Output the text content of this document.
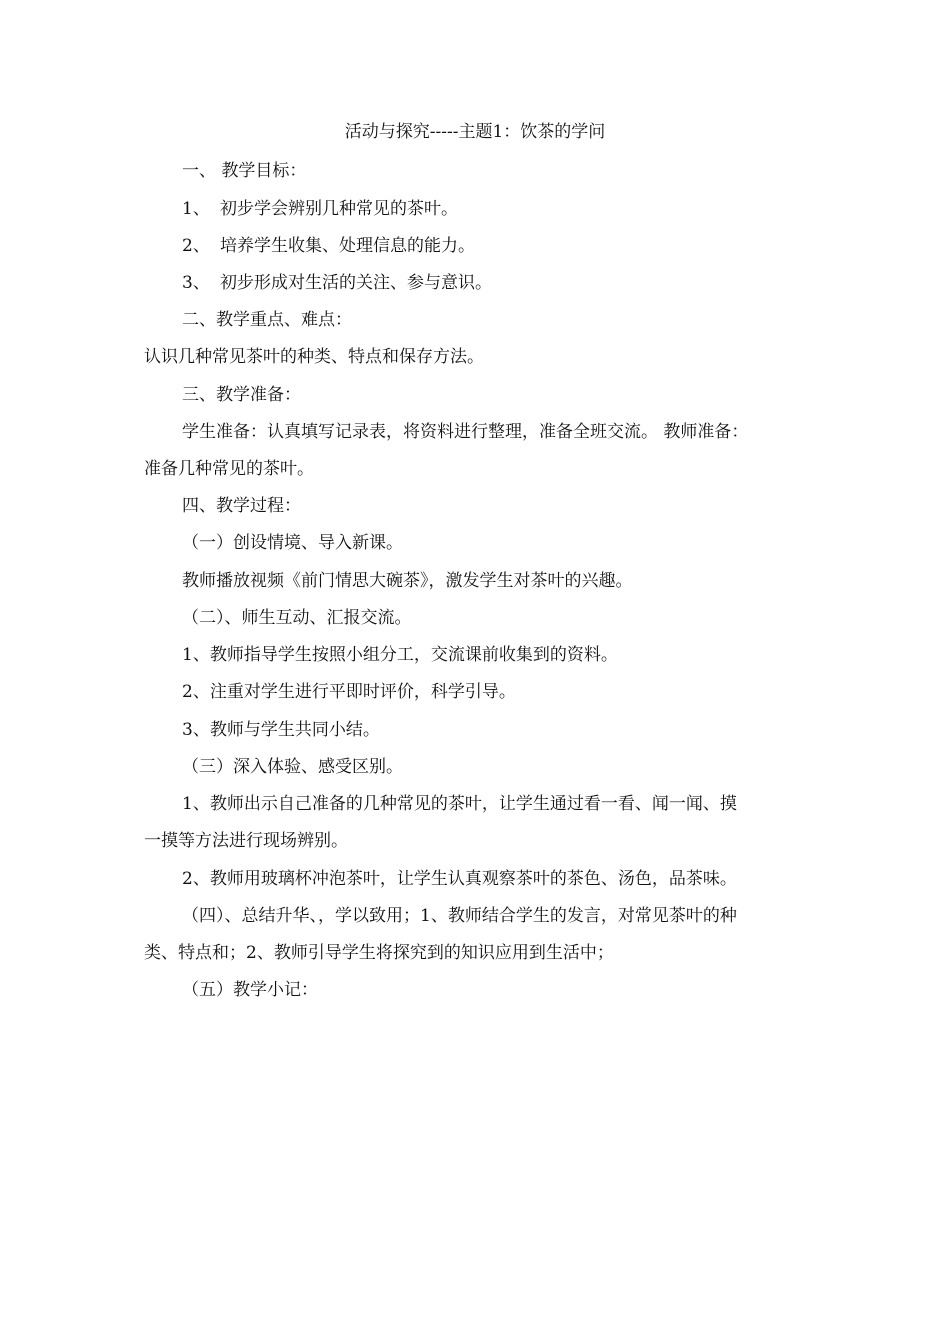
活动与探究-----主题1：饮茶的学问
一、 教学目标：
1、 初步学会辨别几种常见的茶叶。
2、 培养学生收集、处理信息的能力。
3、 初步形成对生活的关注、参与意识。
二、教学重点、难点：
认识几种常见茶叶的种类、特点和保存方法。
三、教学准备：
学生准备：认真填写记录表，将资料进行整理，准备全班交流。 教师准备：
准备几种常见的茶叶。
四、教学过程：
（一）创设情境、导入新课。
教师播放视频《前门情思大碗茶》，激发学生对茶叶的兴趣。
（二）、师生互动、汇报交流。
1、教师指导学生按照小组分工，交流课前收集到的资料。
2、注重对学生进行平即时评价，科学引导。
3、教师与学生共同小结。
（三）深入体验、感受区别。
1、教师出示自己准备的几种常见的茶叶，让学生通过看一看、闻一闻、摸
一摸等方法进行现场辨别。
2、教师用玻璃杯冲泡茶叶，让学生认真观察茶叶的茶色、汤色，品茶味。
（四）、总结升华、，学以致用；1、教师结合学生的发言，对常见茶叶的种
类、特点和；2、教师引导学生将探究到的知识应用到生活中；
（五）教学小记：
